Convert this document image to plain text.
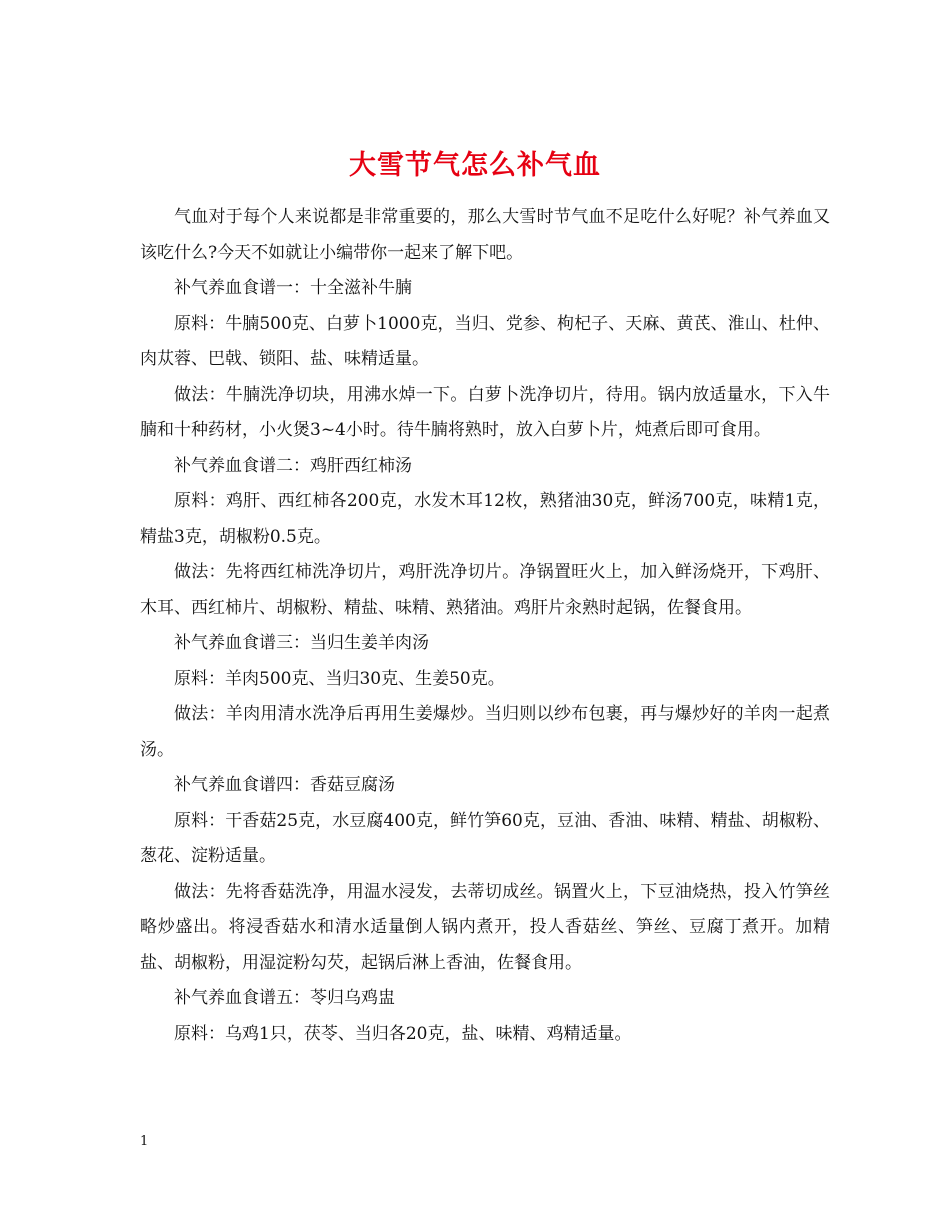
大雪节气怎么补气血

气血对于每个人来说都是非常重要的，那么大雪时节气血不足吃什么好呢？补气养血又该吃什么?今天不如就让小编带你一起来了解下吧。

补气养血食谱一：十全滋补牛腩

原料：牛腩500克、白萝卜1000克，当归、党参、枸杞子、天麻、黄芪、淮山、杜仲、肉苁蓉、巴戟、锁阳、盐、味精适量。

做法：牛腩洗净切块，用沸水焯一下。白萝卜洗净切片，待用。锅内放适量水，下入牛腩和十种药材，小火煲3~4小时。待牛腩将熟时，放入白萝卜片，炖煮后即可食用。

补气养血食谱二：鸡肝西红柿汤

原料：鸡肝、西红柿各200克，水发木耳12枚，熟猪油30克，鲜汤700克，味精1克，精盐3克，胡椒粉0.5克。

做法：先将西红柿洗净切片，鸡肝洗净切片。净锅置旺火上，加入鲜汤烧开，下鸡肝、木耳、西红柿片、胡椒粉、精盐、味精、熟猪油。鸡肝片汆熟时起锅，佐餐食用。

补气养血食谱三：当归生姜羊肉汤

原料：羊肉500克、当归30克、生姜50克。

做法：羊肉用清水洗净后再用生姜爆炒。当归则以纱布包裹，再与爆炒好的羊肉一起煮汤。

补气养血食谱四：香菇豆腐汤

原料：干香菇25克，水豆腐400克，鲜竹笋60克，豆油、香油、味精、精盐、胡椒粉、葱花、淀粉适量。

做法：先将香菇洗净，用温水浸发，去蒂切成丝。锅置火上，下豆油烧热，投入竹笋丝略炒盛出。将浸香菇水和清水适量倒人锅内煮开，投人香菇丝、笋丝、豆腐丁煮开。加精盐、胡椒粉，用湿淀粉勾芡，起锅后淋上香油，佐餐食用。

补气养血食谱五：苓归乌鸡盅

原料：乌鸡1只，茯苓、当归各20克，盐、味精、鸡精适量。

1
